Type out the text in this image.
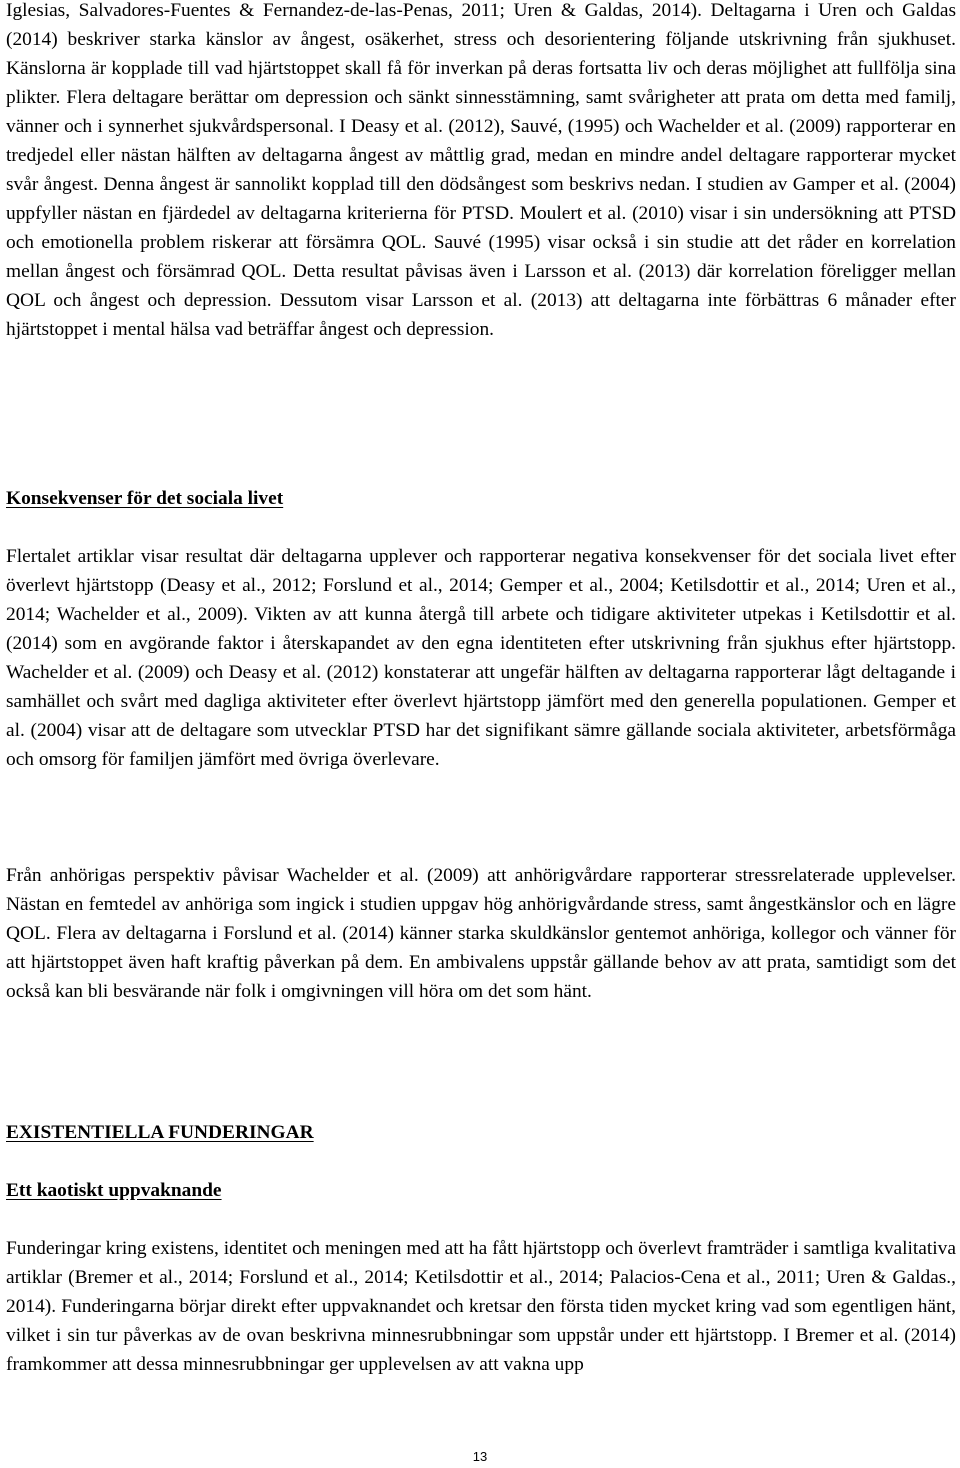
Iglesias, Salvadores-Fuentes & Fernandez-de-las-Penas, 2011; Uren & Galdas, 2014). Deltagarna i Uren och Galdas (2014) beskriver starka känslor av ångest, osäkerhet, stress och desorientering följande utskrivning från sjukhuset. Känslorna är kopplade till vad hjärtstoppet skall få för inverkan på deras fortsatta liv och deras möjlighet att fullfölja sina plikter. Flera deltagare berättar om depression och sänkt sinnesstämning, samt svårigheter att prata om detta med familj, vänner och i synnerhet sjukvårdspersonal. I Deasy et al. (2012), Sauvé, (1995) och Wachelder et al. (2009) rapporterar en tredjedel eller nästan hälften av deltagarna ångest av måttlig grad, medan en mindre andel deltagare rapporterar mycket svår ångest. Denna ångest är sannolikt kopplad till den dödsångest som beskrivs nedan. I studien av Gamper et al. (2004) uppfyller nästan en fjärdedel av deltagarna kriterierna för PTSD. Moulert et al. (2010) visar i sin undersökning att PTSD och emotionella problem riskerar att försämra QOL. Sauvé (1995) visar också i sin studie att det råder en korrelation mellan ångest och försämrad QOL. Detta resultat påvisas även i Larsson et al. (2013) där korrelation föreligger mellan QOL och ångest och depression. Dessutom visar Larsson et al. (2013) att deltagarna inte förbättras 6 månader efter hjärtstoppet i mental hälsa vad beträffar ångest och depression.

Konsekvenser för det sociala livet

Flertalet artiklar visar resultat där deltagarna upplever och rapporterar negativa konsekvenser för det sociala livet efter överlevt hjärtstopp (Deasy et al., 2012; Forslund et al., 2014; Gemper et al., 2004; Ketilsdottir et al., 2014; Uren et al., 2014; Wachelder et al., 2009). Vikten av att kunna återgå till arbete och tidigare aktiviteter utpekas i Ketilsdottir et al. (2014) som en avgörande faktor i återskapandet av den egna identiteten efter utskrivning från sjukhus efter hjärtstopp. Wachelder et al. (2009) och Deasy et al. (2012) konstaterar att ungefär hälften av deltagarna rapporterar lågt deltagande i samhället och svårt med dagliga aktiviteter efter överlevt hjärtstopp jämfört med den generella populationen. Gemper et al. (2004) visar att de deltagare som utvecklar PTSD har det signifikant sämre gällande sociala aktiviteter, arbetsförmåga och omsorg för familjen jämfört med övriga överlevare.

Från anhörigas perspektiv påvisar Wachelder et al. (2009) att anhörigvårdare rapporterar stressrelaterade upplevelser. Nästan en femtedel av anhöriga som ingick i studien uppgav hög anhörigvårdande stress, samt ångestkänslor och en lägre QOL. Flera av deltagarna i Forslund et al. (2014) känner starka skuldkänslor gentemot anhöriga, kollegor och vänner för att hjärtstoppet även haft kraftig påverkan på dem. En ambivalens uppstår gällande behov av att prata, samtidigt som det också kan bli besvärande när folk i omgivningen vill höra om det som hänt.

EXISTENTIELLA FUNDERINGAR

Ett kaotiskt uppvaknande

Funderingar kring existens, identitet och meningen med att ha fått hjärtstopp och överlevt framträder i samtliga kvalitativa artiklar (Bremer et al., 2014; Forslund et al., 2014; Ketilsdottir et al., 2014; Palacios-Cena et al., 2011; Uren & Galdas., 2014). Funderingarna börjar direkt efter uppvaknandet och kretsar den första tiden mycket kring vad som egentligen hänt, vilket i sin tur påverkas av de ovan beskrivna minnesrubbningar som uppstår under ett hjärtstopp. I Bremer et al. (2014) framkommer att dessa minnesrubbningar ger upplevelsen av att vakna upp

13
